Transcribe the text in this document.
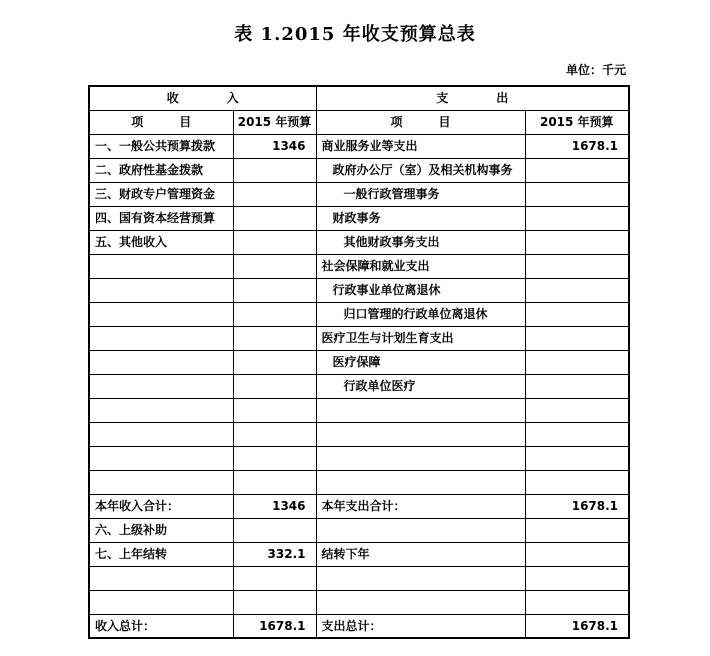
表 1.2015 年收支预算总表
单位：千元
收　　　　入		支　　　　出	
项　　　目	2015 年预算	项　　　目	2015 年预算
一、一般公共预算拨款	1346	商业服务业等支出	1678.1
二、政府性基金拨款		政府办公厅（室）及相关机构事务	
三、财政专户管理资金		一般行政管理事务	
四、国有资本经营预算		财政事务	
五、其他收入		其他财政事务支出	
		社会保障和就业支出	
		行政事业单位离退休	
		归口管理的行政单位离退休	
		医疗卫生与计划生育支出	
		医疗保障	
		行政单位医疗	

本年收入合计：	1346	本年支出合计：	1678.1
六、上级补助			
七、上年结转	332.1	结转下年	

收入总计：	1678.1	支出总计：	1678.1
